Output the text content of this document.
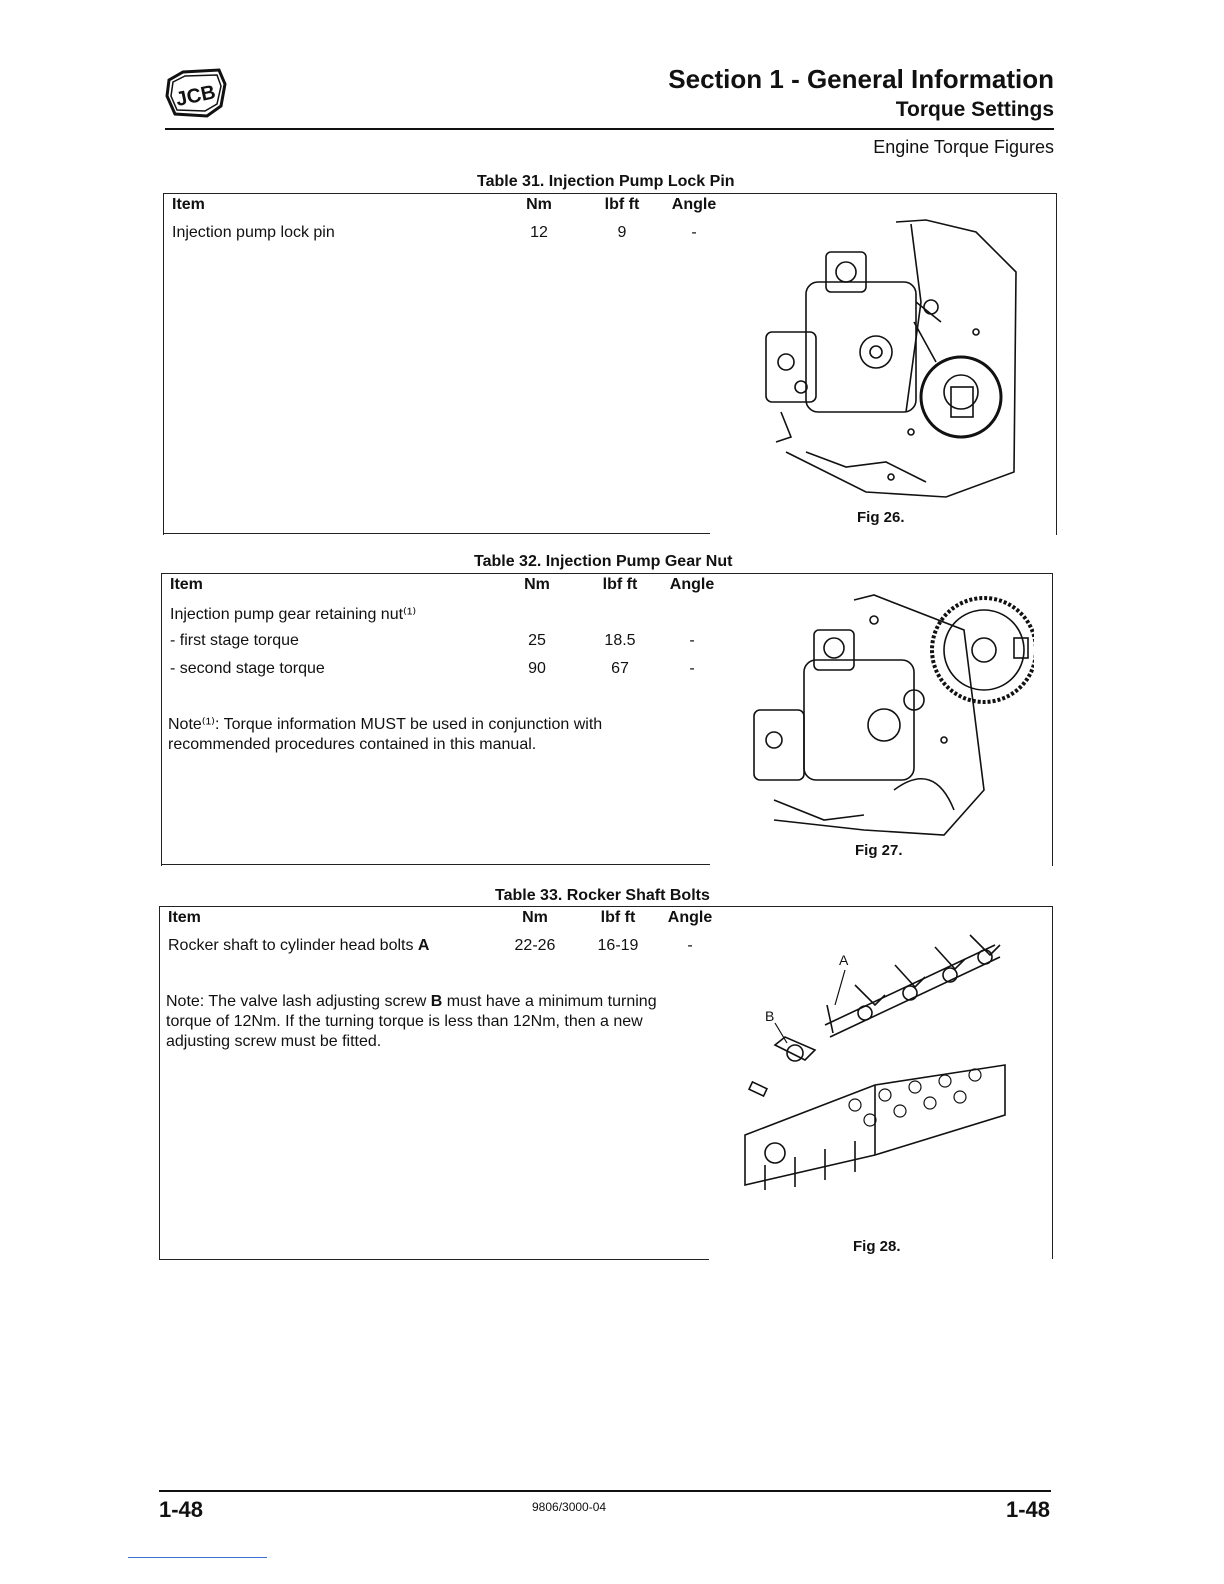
JCB
Section 1 - General Information
Torque Settings
Engine Torque Figures
Table 31. Injection Pump Lock Pin
Item	Nm	lbf ft	Angle
Injection pump lock pin	12	9	-
Fig 26.
Table 32. Injection Pump Gear Nut
Item	Nm	lbf ft	Angle
Injection pump gear retaining nut⁽¹⁾
- first stage torque	25	18.5	-
- second stage torque	90	67	-
Note⁽¹⁾: Torque information MUST be used in conjunction with recommended procedures contained in this manual.
Fig 27.
Table 33. Rocker Shaft Bolts
Item	Nm	lbf ft	Angle
Rocker shaft to cylinder head bolts A	22-26	16-19	-
Note: The valve lash adjusting screw B must have a minimum turning torque of 12Nm. If the turning torque is less than 12Nm, then a new adjusting screw must be fitted.
A
B
Fig 28.
1-48	9806/3000-04	1-48
